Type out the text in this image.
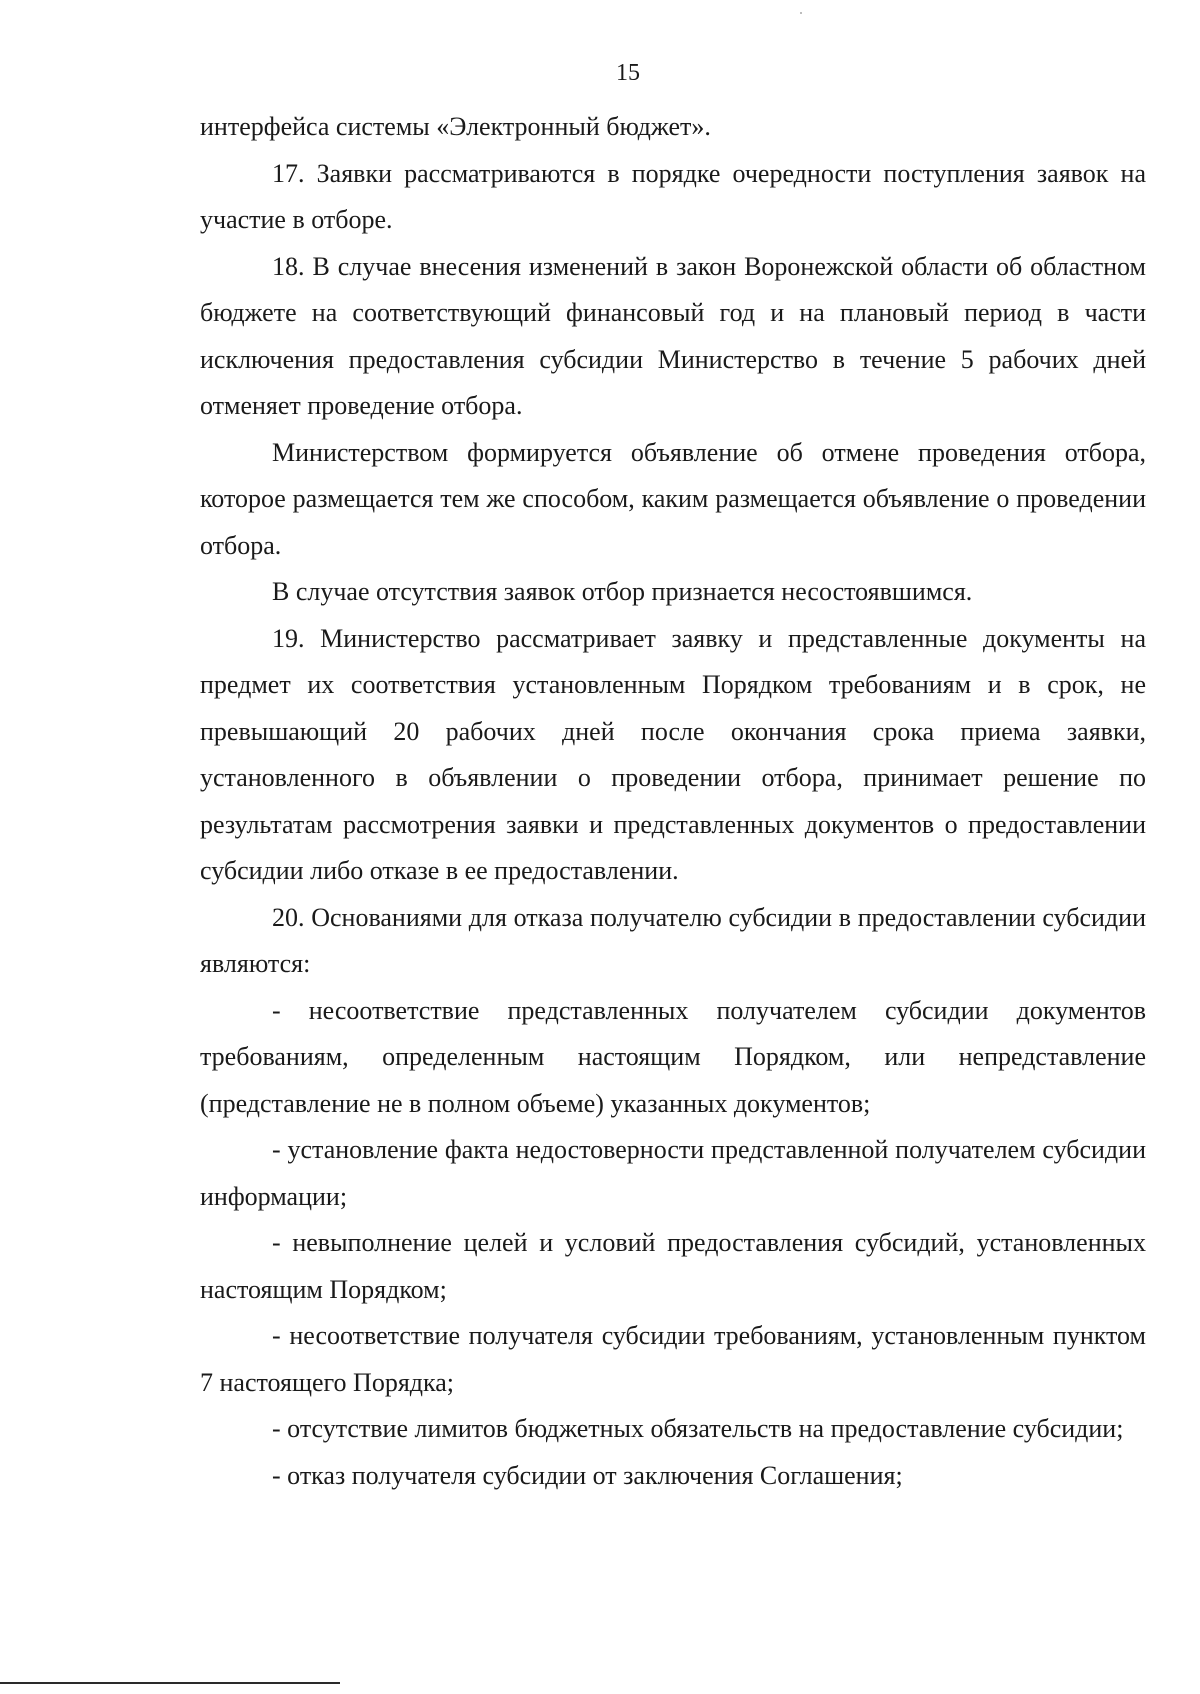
15

интерфейса системы «Электронный бюджет».

17. Заявки рассматриваются в порядке очередности поступления заявок на участие в отборе.

18. В случае внесения изменений в закон Воронежской области об областном бюджете на соответствующий финансовый год и на плановый период в части исключения предоставления субсидии Министерство в течение 5 рабочих дней отменяет проведение отбора.

Министерством формируется объявление об отмене проведения отбора, которое размещается тем же способом, каким размещается объявление о проведении отбора.

В случае отсутствия заявок отбор признается несостоявшимся.

19. Министерство рассматривает заявку и представленные документы на предмет их соответствия установленным Порядком требованиям и в срок, не превышающий 20 рабочих дней после окончания срока приема заявки, установленного в объявлении о проведении отбора, принимает решение по результатам рассмотрения заявки и представленных документов о предоставлении субсидии либо отказе в ее предоставлении.

20. Основаниями для отказа получателю субсидии в предоставлении субсидии являются:

- несоответствие представленных получателем субсидии документов требованиям, определенным настоящим Порядком, или непредставление (представление не в полном объеме) указанных документов;

- установление факта недостоверности представленной получателем субсидии информации;

- невыполнение целей и условий предоставления субсидий, установленных настоящим Порядком;

- несоответствие получателя субсидии требованиям, установленным пунктом 7 настоящего Порядка;

- отсутствие лимитов бюджетных обязательств на предоставление субсидии;

- отказ получателя субсидии от заключения Соглашения;
